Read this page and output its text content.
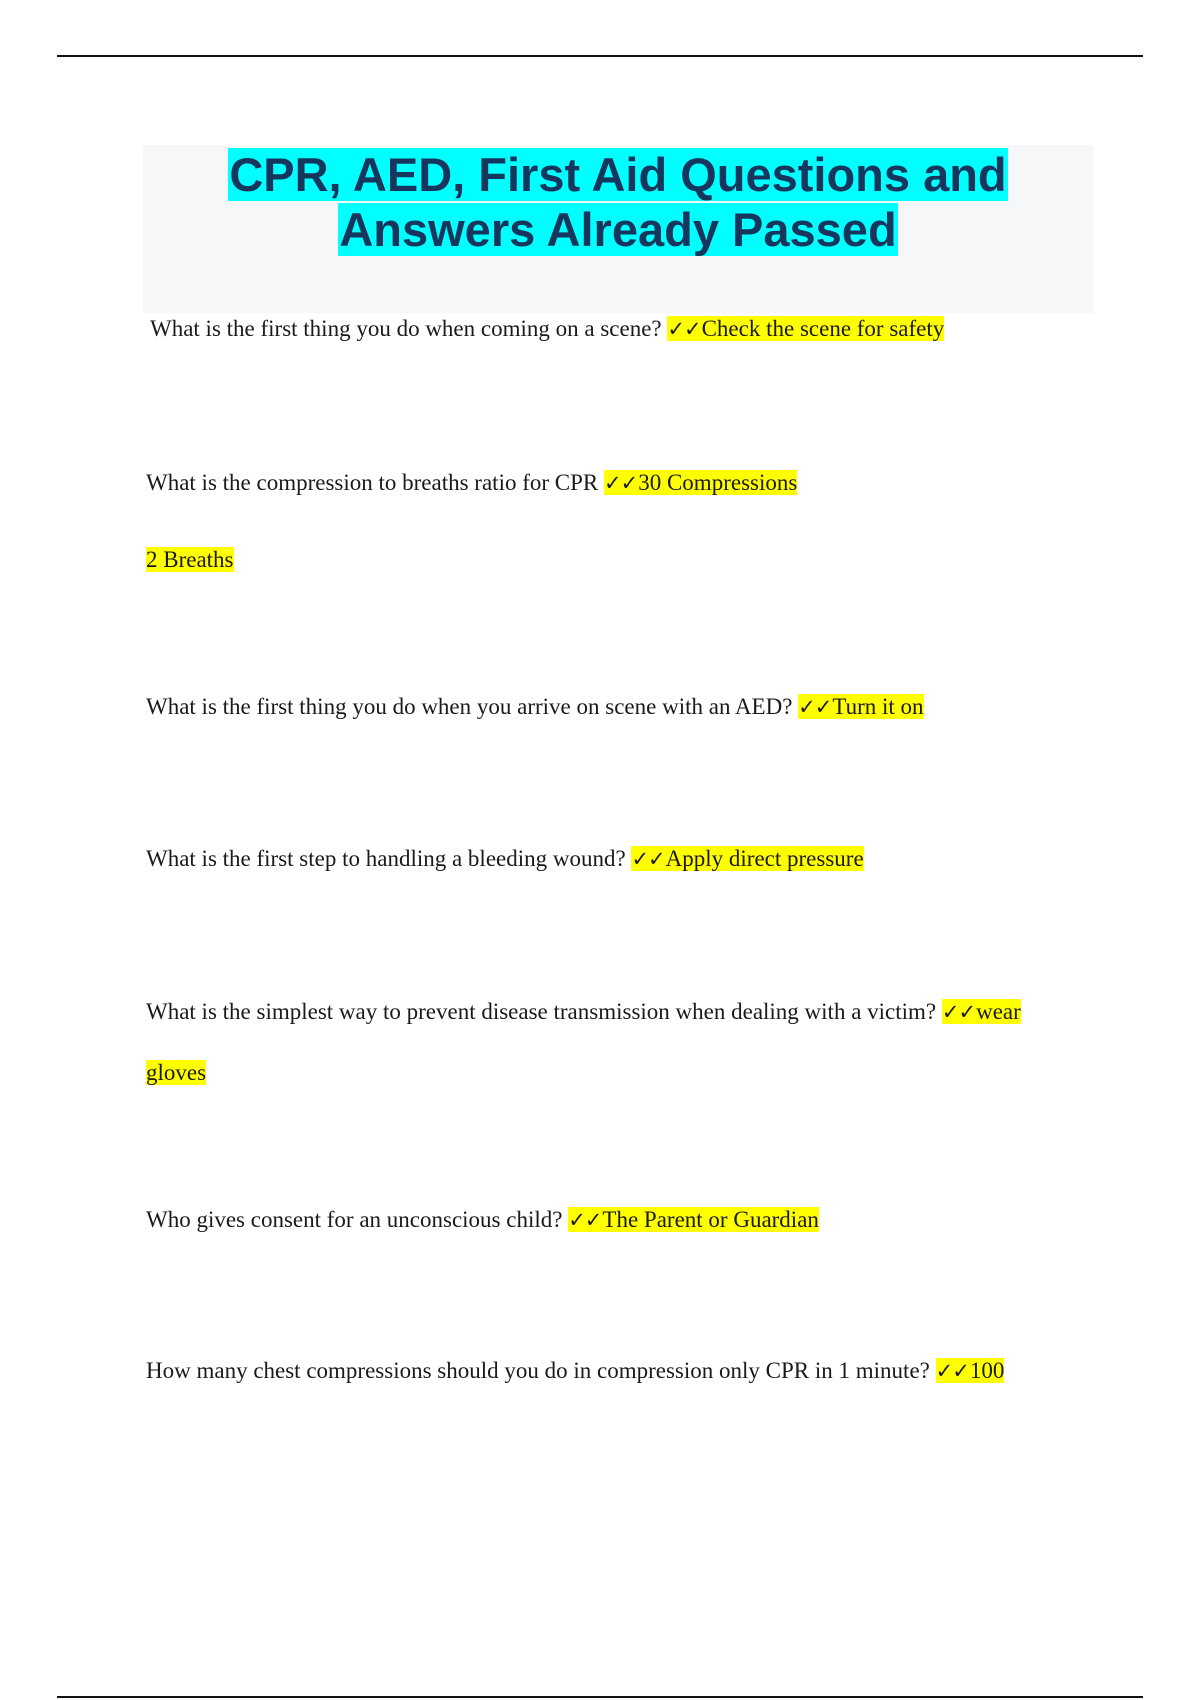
CPR, AED, First Aid Questions and
Answers Already Passed

What is the first thing you do when coming on a scene? ✓✓Check the scene for safety

What is the compression to breaths ratio for CPR ✓✓30 Compressions

2 Breaths

What is the first thing you do when you arrive on scene with an AED? ✓✓Turn it on

What is the first step to handling a bleeding wound? ✓✓Apply direct pressure

What is the simplest way to prevent disease transmission when dealing with a victim? ✓✓wear

gloves

Who gives consent for an unconscious child? ✓✓The Parent or Guardian

How many chest compressions should you do in compression only CPR in 1 minute? ✓✓100
